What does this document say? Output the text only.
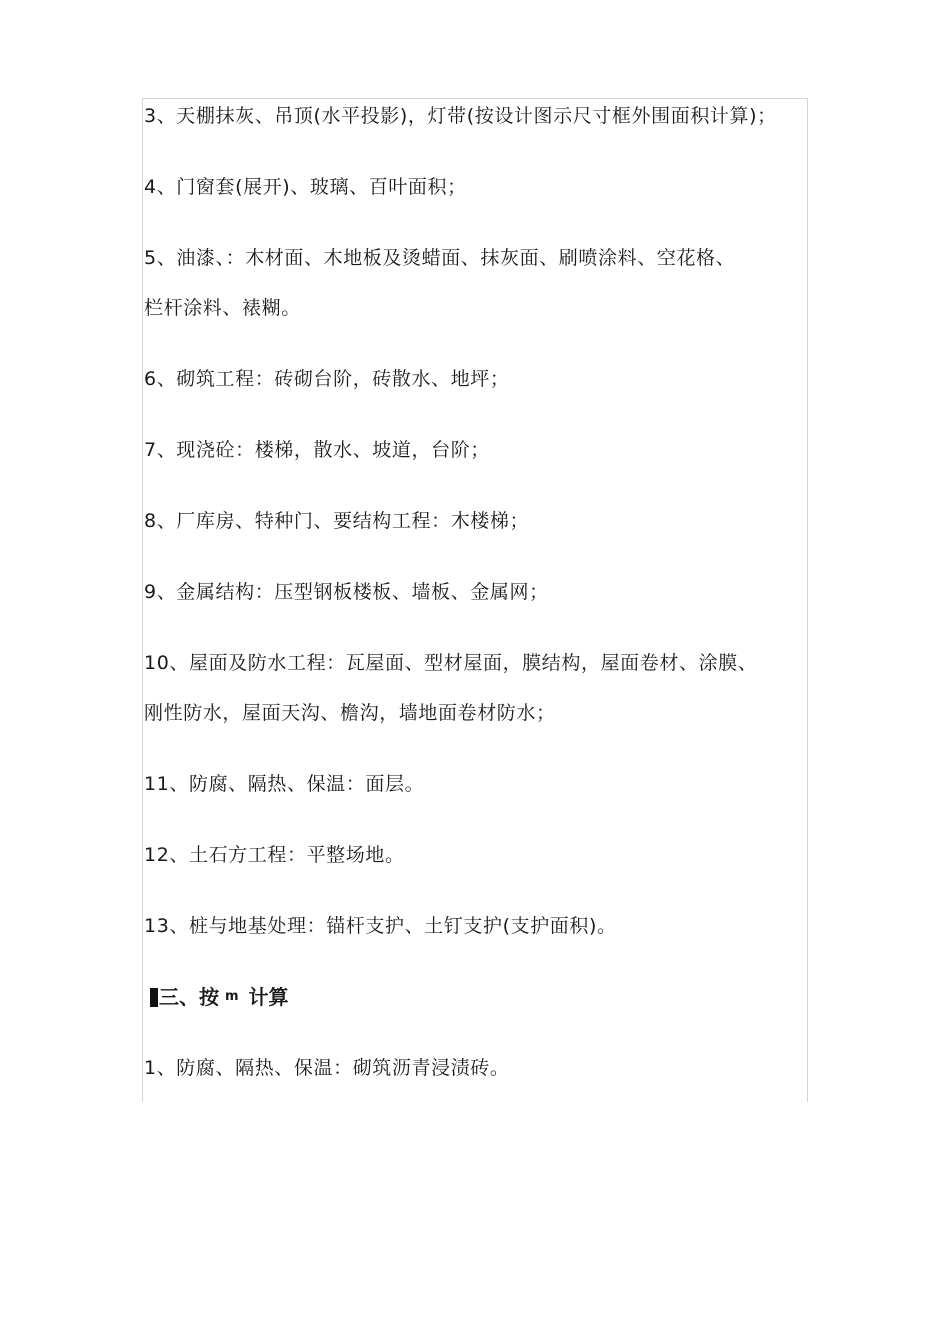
3、天棚抹灰、吊顶(水平投影)，灯带(按设计图示尺寸框外围面积计算)；
4、门窗套(展开)、玻璃、百叶面积；
5、油漆、：木材面、木地板及烫蜡面、抹灰面、刷喷涂料、空花格、
栏杆涂料、裱糊。
6、砌筑工程：砖砌台阶，砖散水、地坪；
7、现浇砼：楼梯，散水、坡道，台阶；
8、厂库房、特种门、要结构工程：木楼梯；
9、金属结构：压型钢板楼板、墙板、金属网；
10、屋面及防水工程：瓦屋面、型材屋面，膜结构，屋面卷材、涂膜、
刚性防水，屋面天沟、檐沟，墙地面卷材防水；
11、防腐、隔热、保温：面层。
12、土石方工程：平整场地。
13、桩与地基处理：锚杆支护、土钉支护(支护面积)。
三、按 m 计算
1、防腐、隔热、保温：砌筑沥青浸渍砖。
